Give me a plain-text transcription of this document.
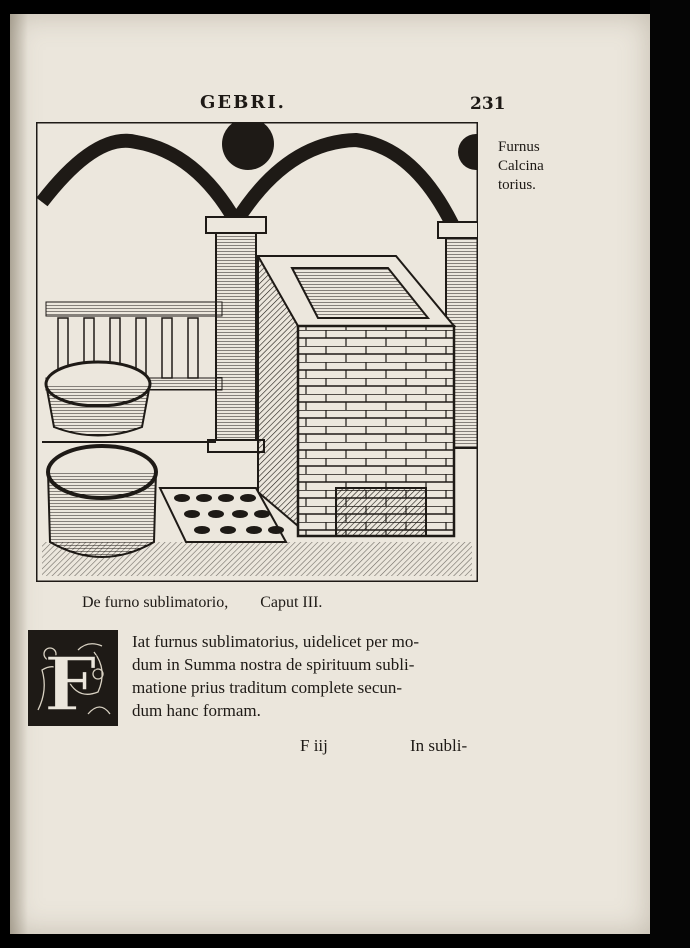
GEBRI.	231
Furnus
Calcina
torius.
De furno sublimatorio, Caput III.
F
Iat furnus sublimatorius, uidelicet per mo-
dum in Summa nostra de spirituum subli-
matione prius traditum complete secun-
dum hanc formam.
F iij	In subli-
